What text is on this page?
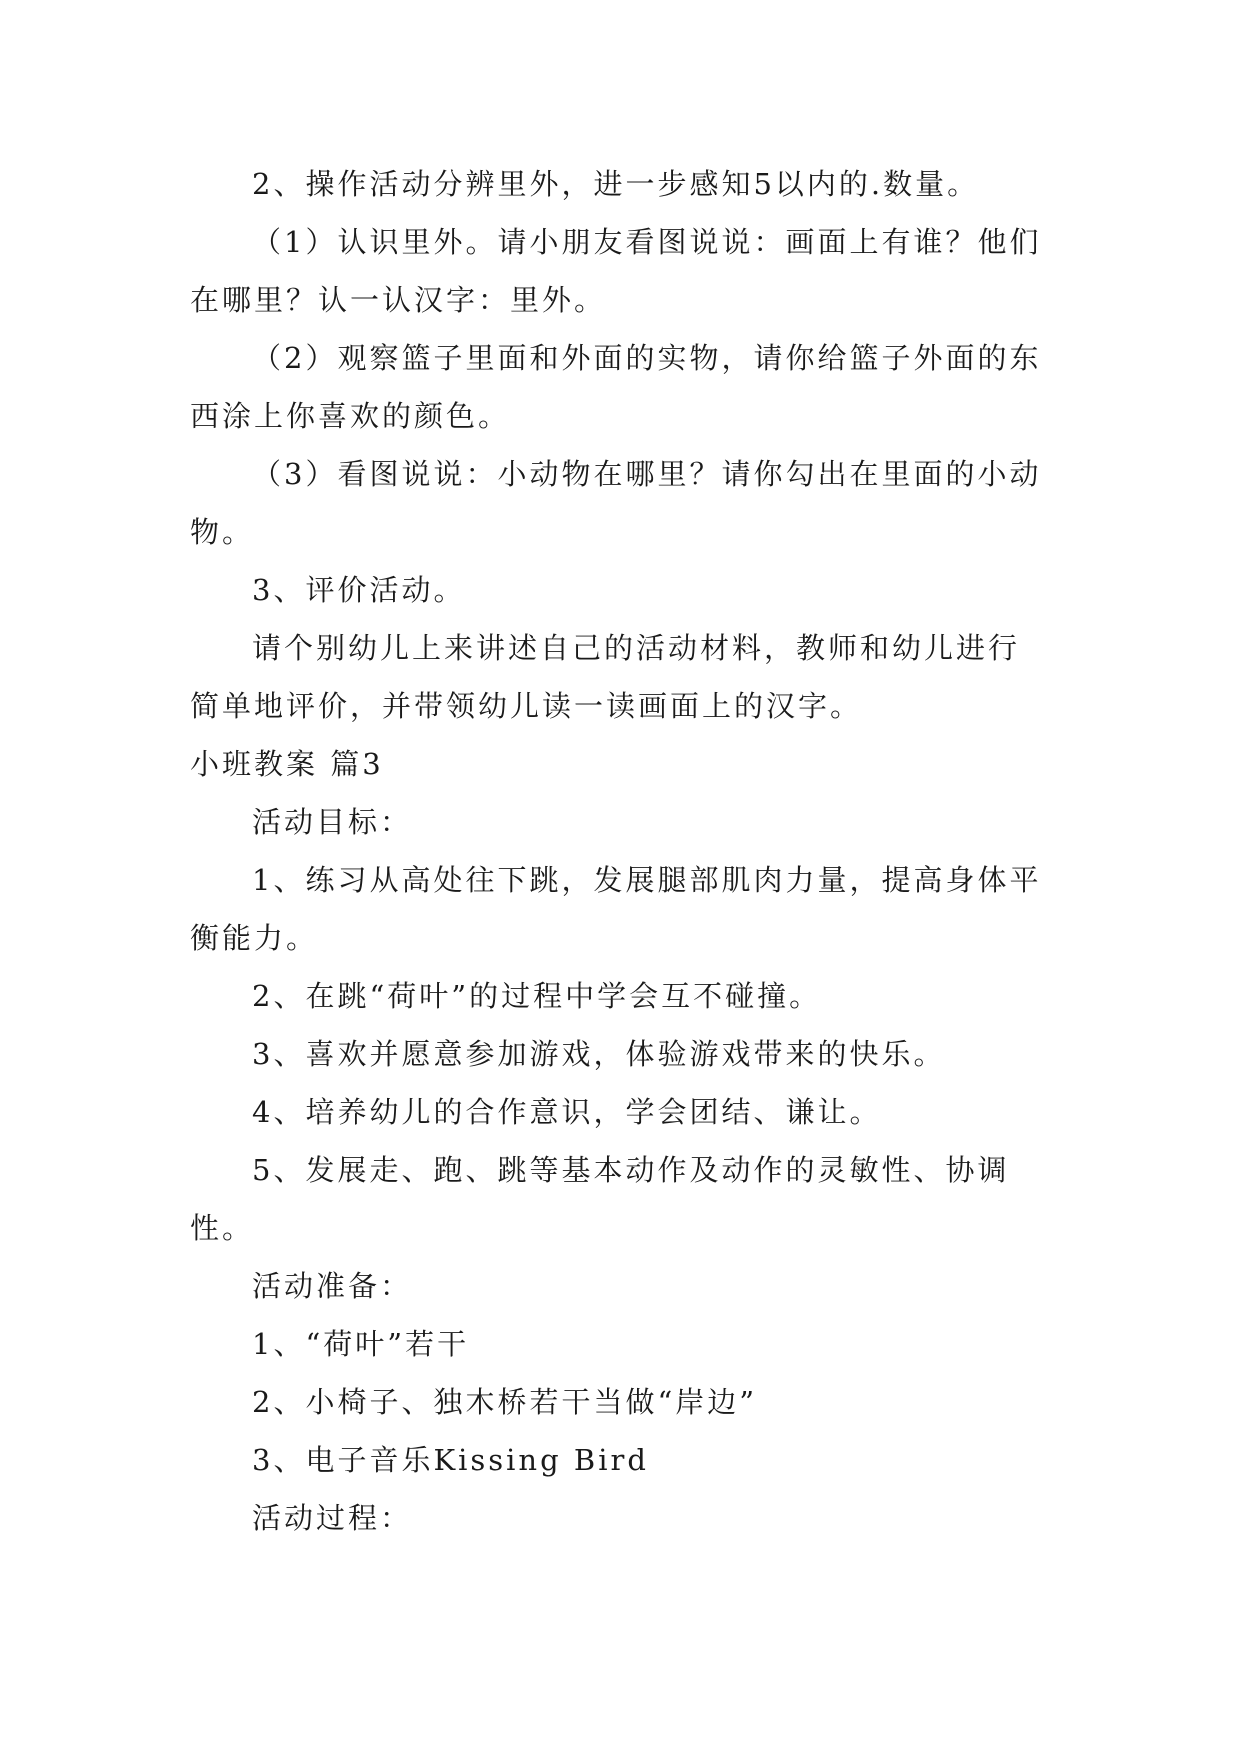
2、操作活动分辨里外，进一步感知5以内的.数量。

（1）认识里外。请小朋友看图说说：画面上有谁？他们在哪里？认一认汉字：里外。

（2）观察篮子里面和外面的实物，请你给篮子外面的东西涂上你喜欢的颜色。

（3）看图说说：小动物在哪里？请你勾出在里面的小动物。

3、评价活动。

请个别幼儿上来讲述自己的活动材料，教师和幼儿进行简单地评价，并带领幼儿读一读画面上的汉字。

小班教案 篇3

活动目标：

1、练习从高处往下跳，发展腿部肌肉力量，提高身体平衡能力。

2、在跳“荷叶”的过程中学会互不碰撞。

3、喜欢并愿意参加游戏，体验游戏带来的快乐。

4、培养幼儿的合作意识，学会团结、谦让。

5、发展走、跑、跳等基本动作及动作的灵敏性、协调性。

活动准备：

1、“荷叶”若干

2、小椅子、独木桥若干当做“岸边”

3、电子音乐Kissing Bird

活动过程：
